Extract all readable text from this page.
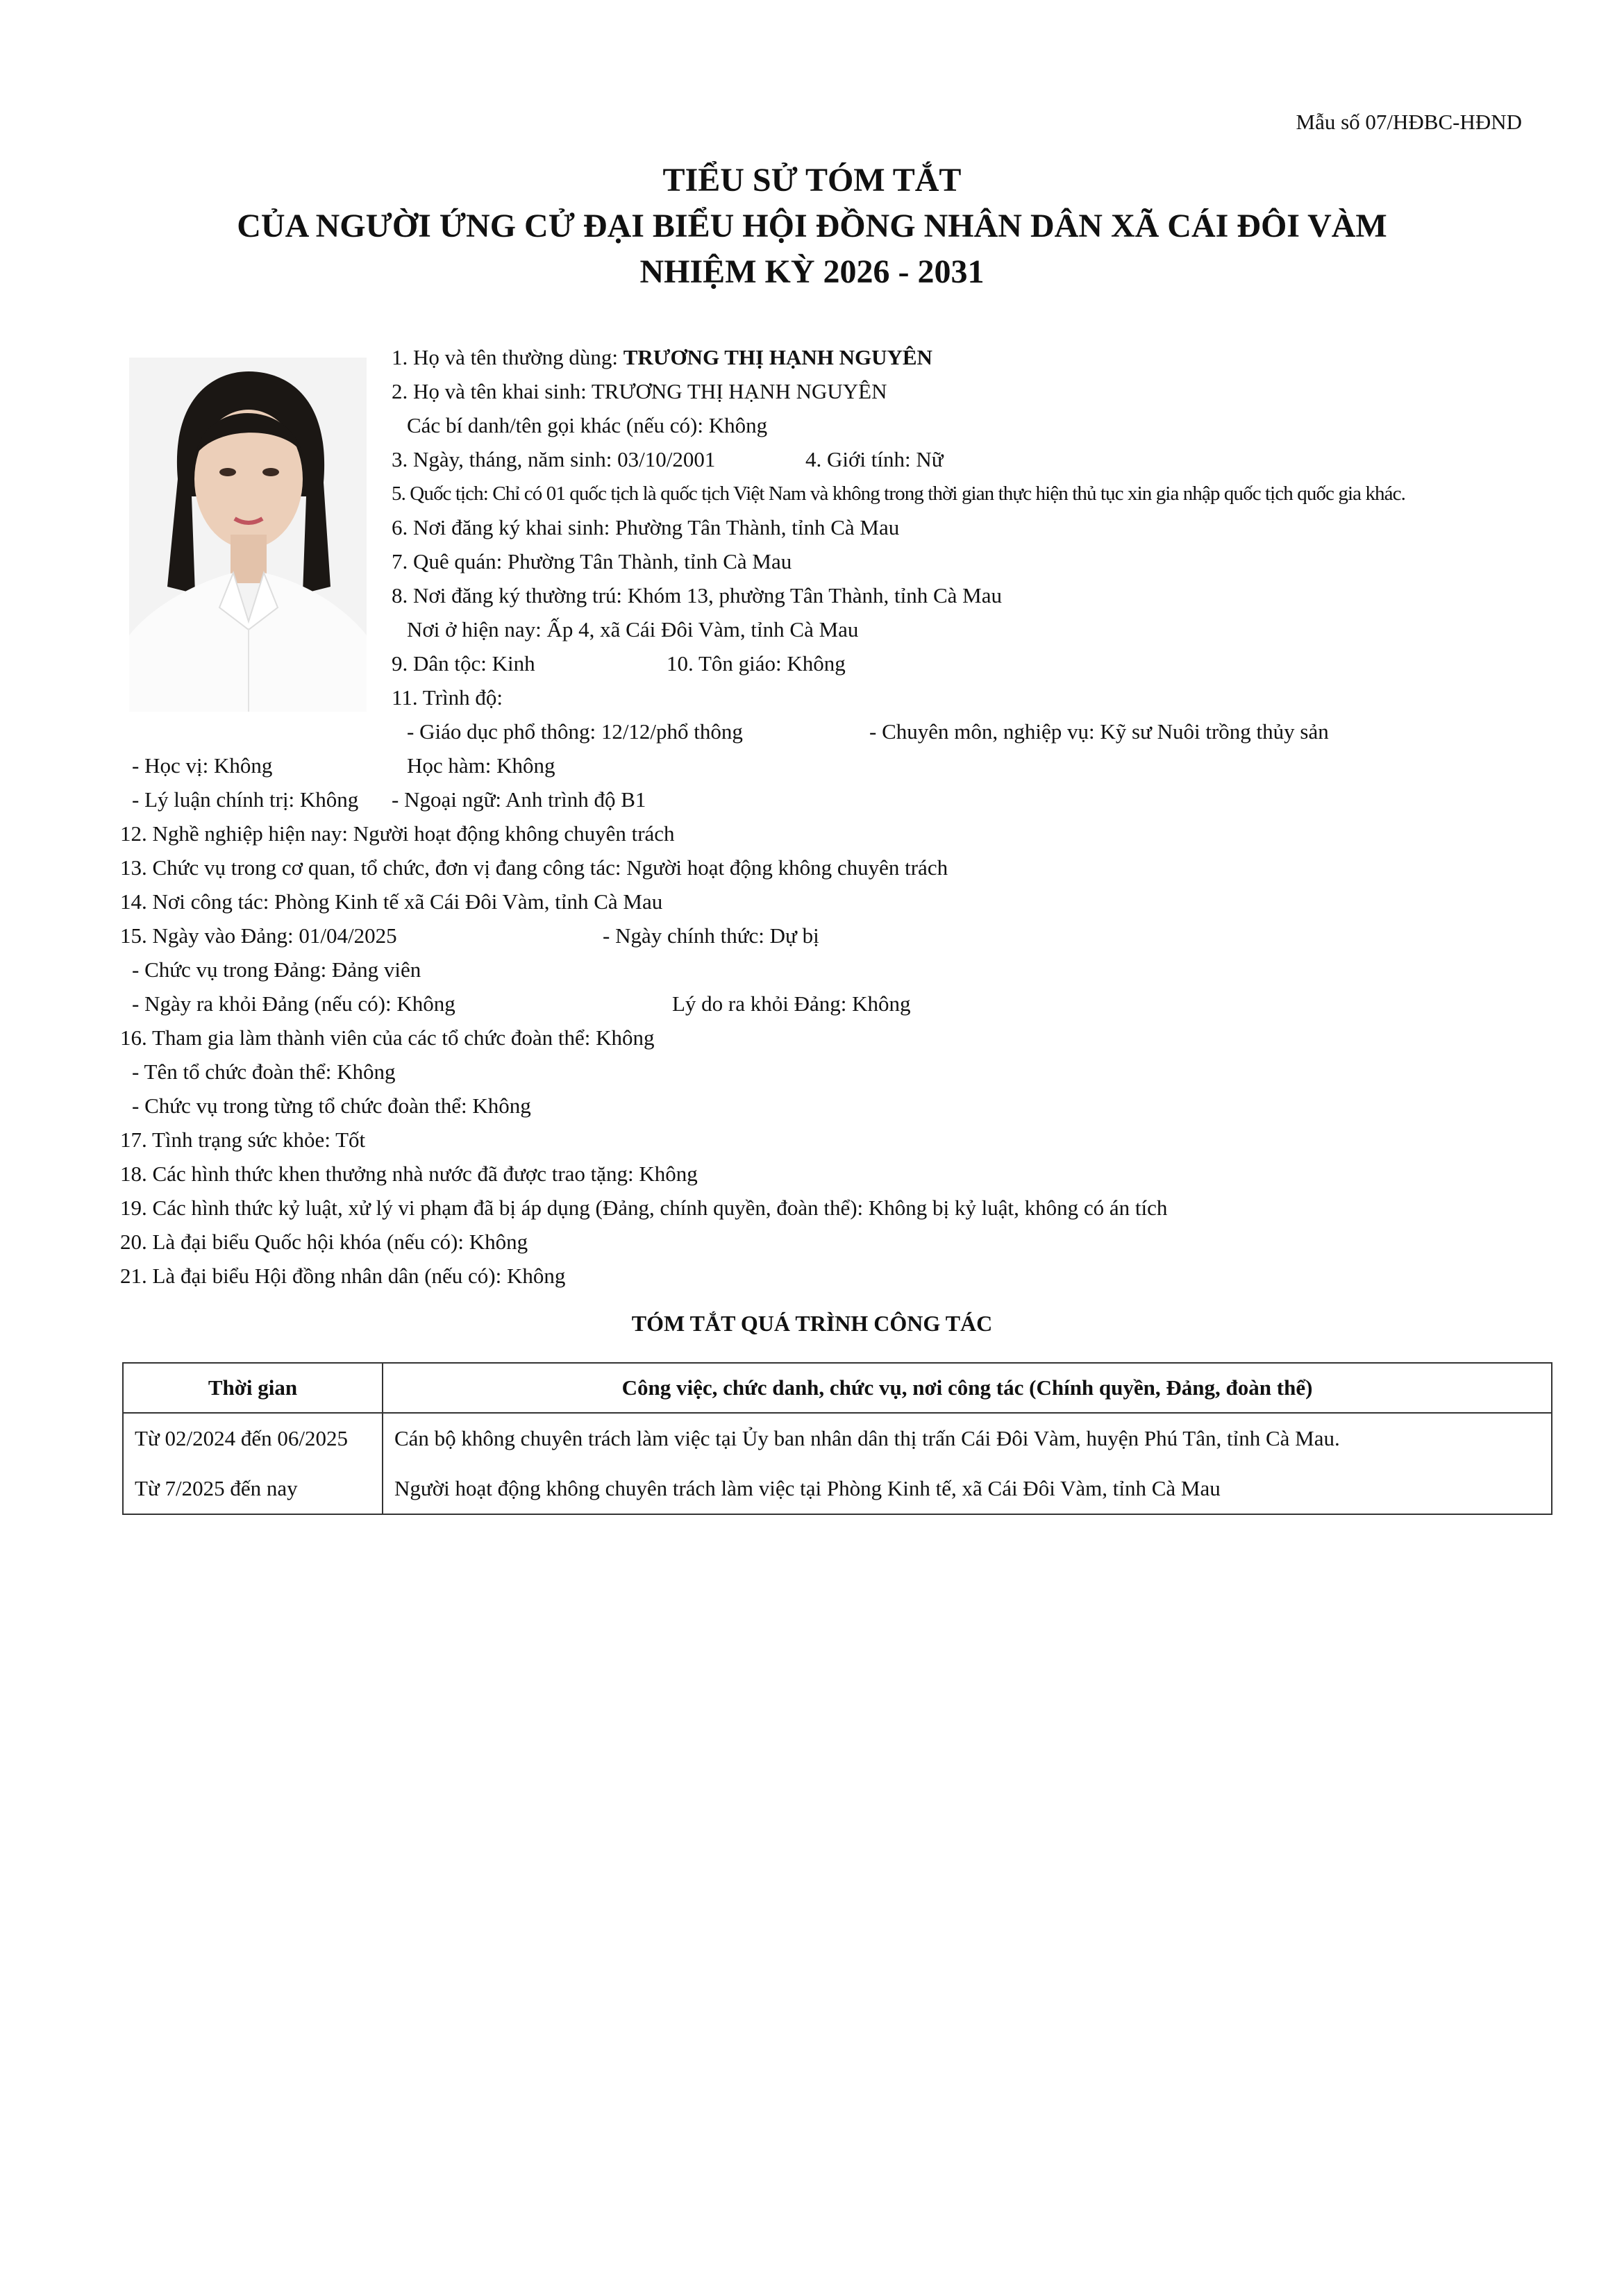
Mẫu số 07/HĐBC-HĐND
TIỂU SỬ TÓM TẮT
CỦA NGƯỜI ỨNG CỬ ĐẠI BIỂU HỘI ĐỒNG NHÂN DÂN XÃ CÁI ĐÔI VÀM
NHIỆM KỲ 2026 - 2031
1. Họ và tên thường dùng: TRƯƠNG THỊ HẠNH NGUYÊN
2. Họ và tên khai sinh: TRƯƠNG THỊ HẠNH NGUYÊN
Các bí danh/tên gọi khác (nếu có): Không
3. Ngày, tháng, năm sinh: 03/10/2001	4. Giới tính: Nữ
5. Quốc tịch: Chỉ có 01 quốc tịch là quốc tịch Việt Nam và không trong thời gian thực hiện thủ tục xin gia nhập quốc tịch quốc gia khác.
6. Nơi đăng ký khai sinh: Phường Tân Thành, tỉnh Cà Mau
7. Quê quán: Phường Tân Thành, tỉnh Cà Mau
8. Nơi đăng ký thường trú: Khóm 13, phường Tân Thành, tỉnh Cà Mau
Nơi ở hiện nay: Ấp 4, xã Cái Đôi Vàm, tỉnh Cà Mau
9. Dân tộc: Kinh	10. Tôn giáo: Không
11. Trình độ:
- Giáo dục phổ thông: 12/12/phổ thông	- Chuyên môn, nghiệp vụ: Kỹ sư Nuôi trồng thủy sản
- Học vị: Không	Học hàm: Không
- Lý luận chính trị: Không - Ngoại ngữ: Anh trình độ B1
12. Nghề nghiệp hiện nay: Người hoạt động không chuyên trách
13. Chức vụ trong cơ quan, tổ chức, đơn vị đang công tác: Người hoạt động không chuyên trách
14. Nơi công tác: Phòng Kinh tế xã Cái Đôi Vàm, tỉnh Cà Mau
15. Ngày vào Đảng: 01/04/2025	- Ngày chính thức: Dự bị
- Chức vụ trong Đảng: Đảng viên
- Ngày ra khỏi Đảng (nếu có): Không	Lý do ra khỏi Đảng: Không
16. Tham gia làm thành viên của các tổ chức đoàn thể: Không
- Tên tổ chức đoàn thể: Không
- Chức vụ trong từng tổ chức đoàn thể: Không
17. Tình trạng sức khỏe: Tốt
18. Các hình thức khen thưởng nhà nước đã được trao tặng: Không
19. Các hình thức kỷ luật, xử lý vi phạm đã bị áp dụng (Đảng, chính quyền, đoàn thể): Không bị kỷ luật, không có án tích
20. Là đại biểu Quốc hội khóa (nếu có): Không
21. Là đại biểu Hội đồng nhân dân (nếu có): Không
TÓM TẮT QUÁ TRÌNH CÔNG TÁC
Thời gian	Công việc, chức danh, chức vụ, nơi công tác (Chính quyền, Đảng, đoàn thể)
Từ 02/2024 đến 06/2025	Cán bộ không chuyên trách làm việc tại Ủy ban nhân dân thị trấn Cái Đôi Vàm, huyện Phú Tân, tỉnh Cà Mau.
Từ 7/2025 đến nay	Người hoạt động không chuyên trách làm việc tại Phòng Kinh tế, xã Cái Đôi Vàm, tỉnh Cà Mau
